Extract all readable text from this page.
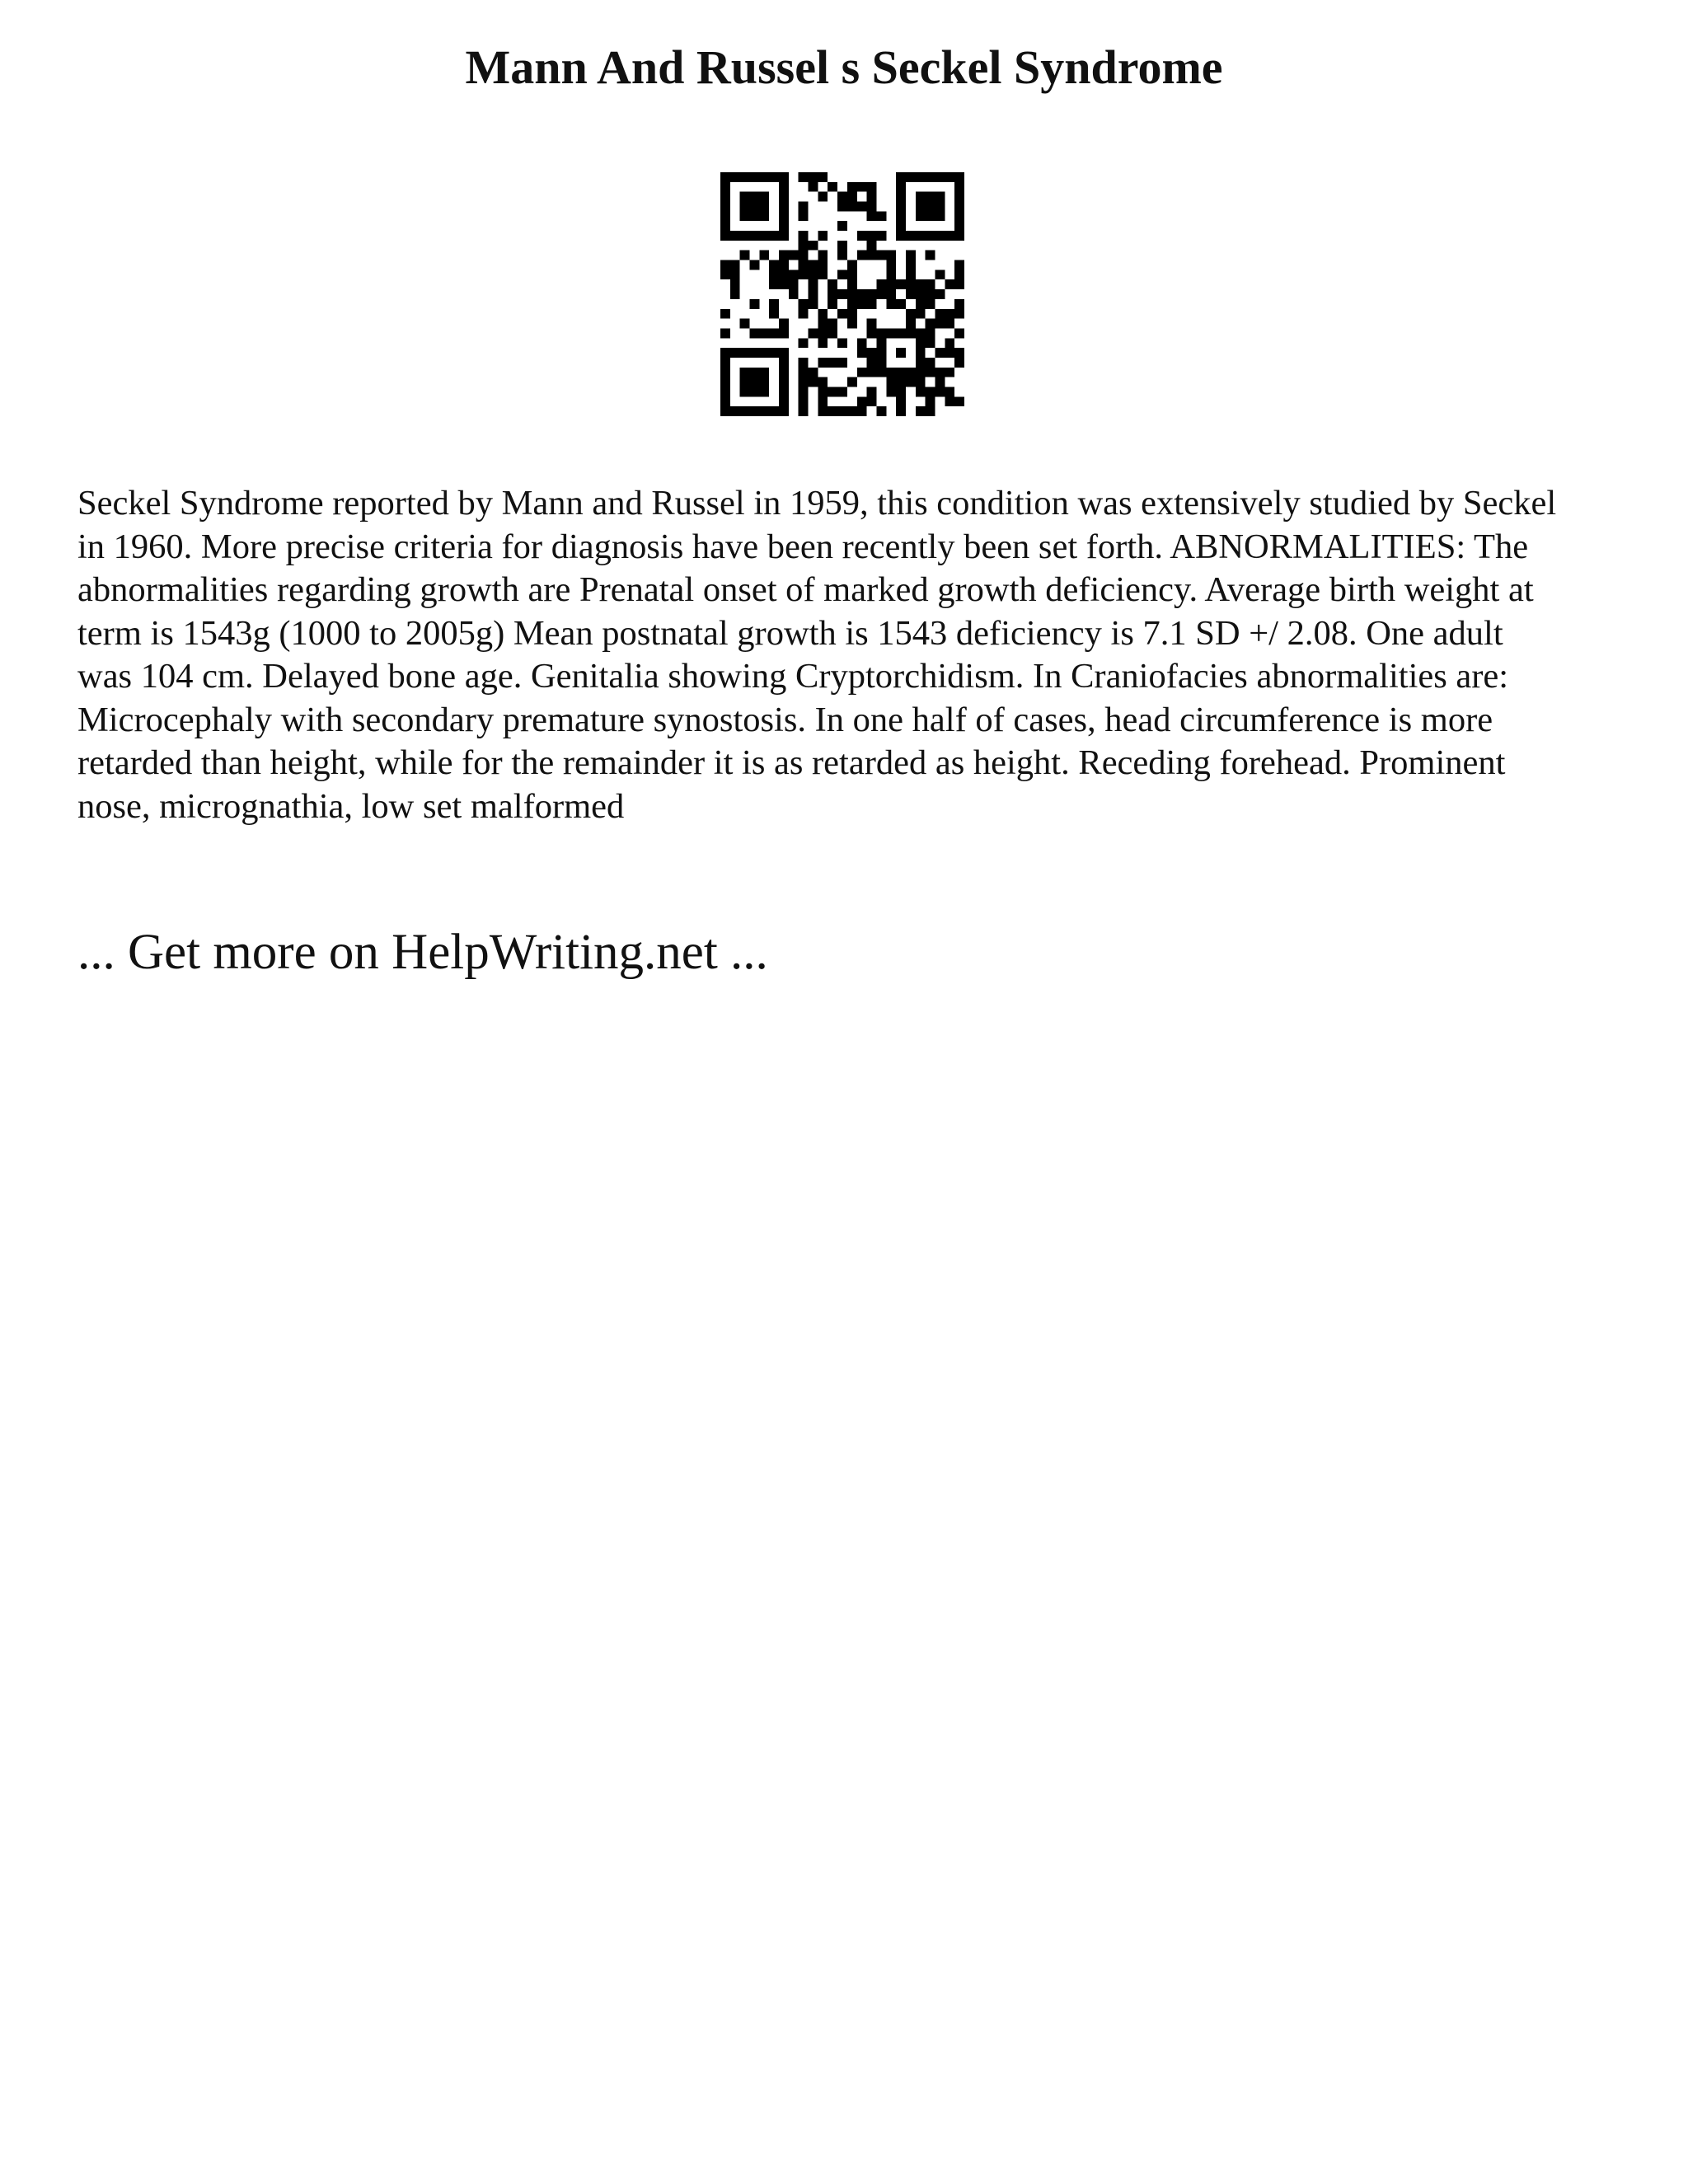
Mann And Russel s Seckel Syndrome

Seckel Syndrome reported by Mann and Russel in 1959, this condition was extensively studied by Seckel in 1960. More precise criteria for diagnosis have been recently been set forth. ABNORMALITIES: The abnormalities regarding growth are Prenatal onset of marked growth deficiency. Average birth weight at term is 1543g (1000 to 2005g) Mean postnatal growth is 1543 deficiency is 7.1 SD +/ 2.08. One adult was 104 cm. Delayed bone age. Genitalia showing Cryptorchidism. In Craniofacies abnormalities are: Microcephaly with secondary premature synostosis. In one half of cases, head circumference is more retarded than height, while for the remainder it is as retarded as height. Receding forehead. Prominent nose, micrognathia, low set malformed

... Get more on HelpWriting.net ...
